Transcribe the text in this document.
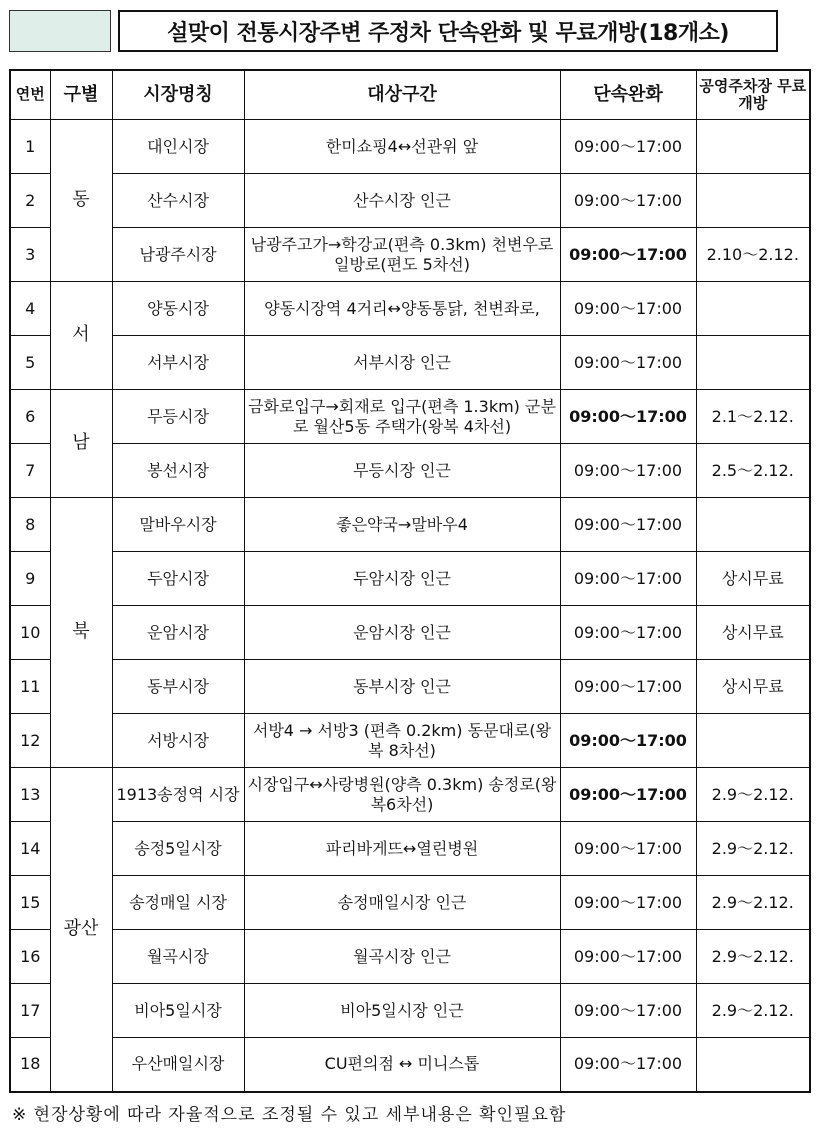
설맞이 전통시장주변 주정차 단속완화 및 무료개방(18개소)
연번	구별	시장명칭	대상구간	단속완화	공영주차장 무료개방
1	동	대인시장	한미쇼핑4↔선관위 앞	09:00～17:00	
2		산수시장	산수시장 인근	09:00～17:00	
3		남광주시장	남광주고가→학강교(편측 0.3km) 천변우로 일방로(편도 5차선)	09:00～17:00	2.10～2.12.
4	서	양동시장	양동시장역 4거리↔양동통닭, 천변좌로,	09:00～17:00	
5		서부시장	서부시장 인근	09:00～17:00	
6	남	무등시장	금화로입구→회재로 입구(편측 1.3km) 군분로 월산5동 주택가(왕복 4차선)	09:00～17:00	2.1～2.12.
7		봉선시장	무등시장 인근	09:00～17:00	2.5～2.12.
8	북	말바우시장	좋은약국→말바우4	09:00～17:00	
9		두암시장	두암시장 인근	09:00～17:00	상시무료
10		운암시장	운암시장 인근	09:00～17:00	상시무료
11		동부시장	동부시장 인근	09:00～17:00	상시무료
12		서방시장	서방4 → 서방3 (편측 0.2km) 동문대로(왕복 8차선)	09:00～17:00	
13	광산	1913송정역 시장	시장입구↔사랑병원(양측 0.3km) 송정로(왕복6차선)	09:00～17:00	2.9～2.12.
14		송정5일시장	파리바게뜨↔열린병원	09:00～17:00	2.9～2.12.
15		송정매일 시장	송정매일시장 인근	09:00～17:00	2.9～2.12.
16		월곡시장	월곡시장 인근	09:00～17:00	2.9～2.12.
17		비아5일시장	비아5일시장 인근	09:00～17:00	2.9～2.12.
18		우산매일시장	CU편의점 ↔ 미니스톱	09:00～17:00	
※ 현장상황에 따라 자율적으로 조정될 수 있고 세부내용은 확인필요함
